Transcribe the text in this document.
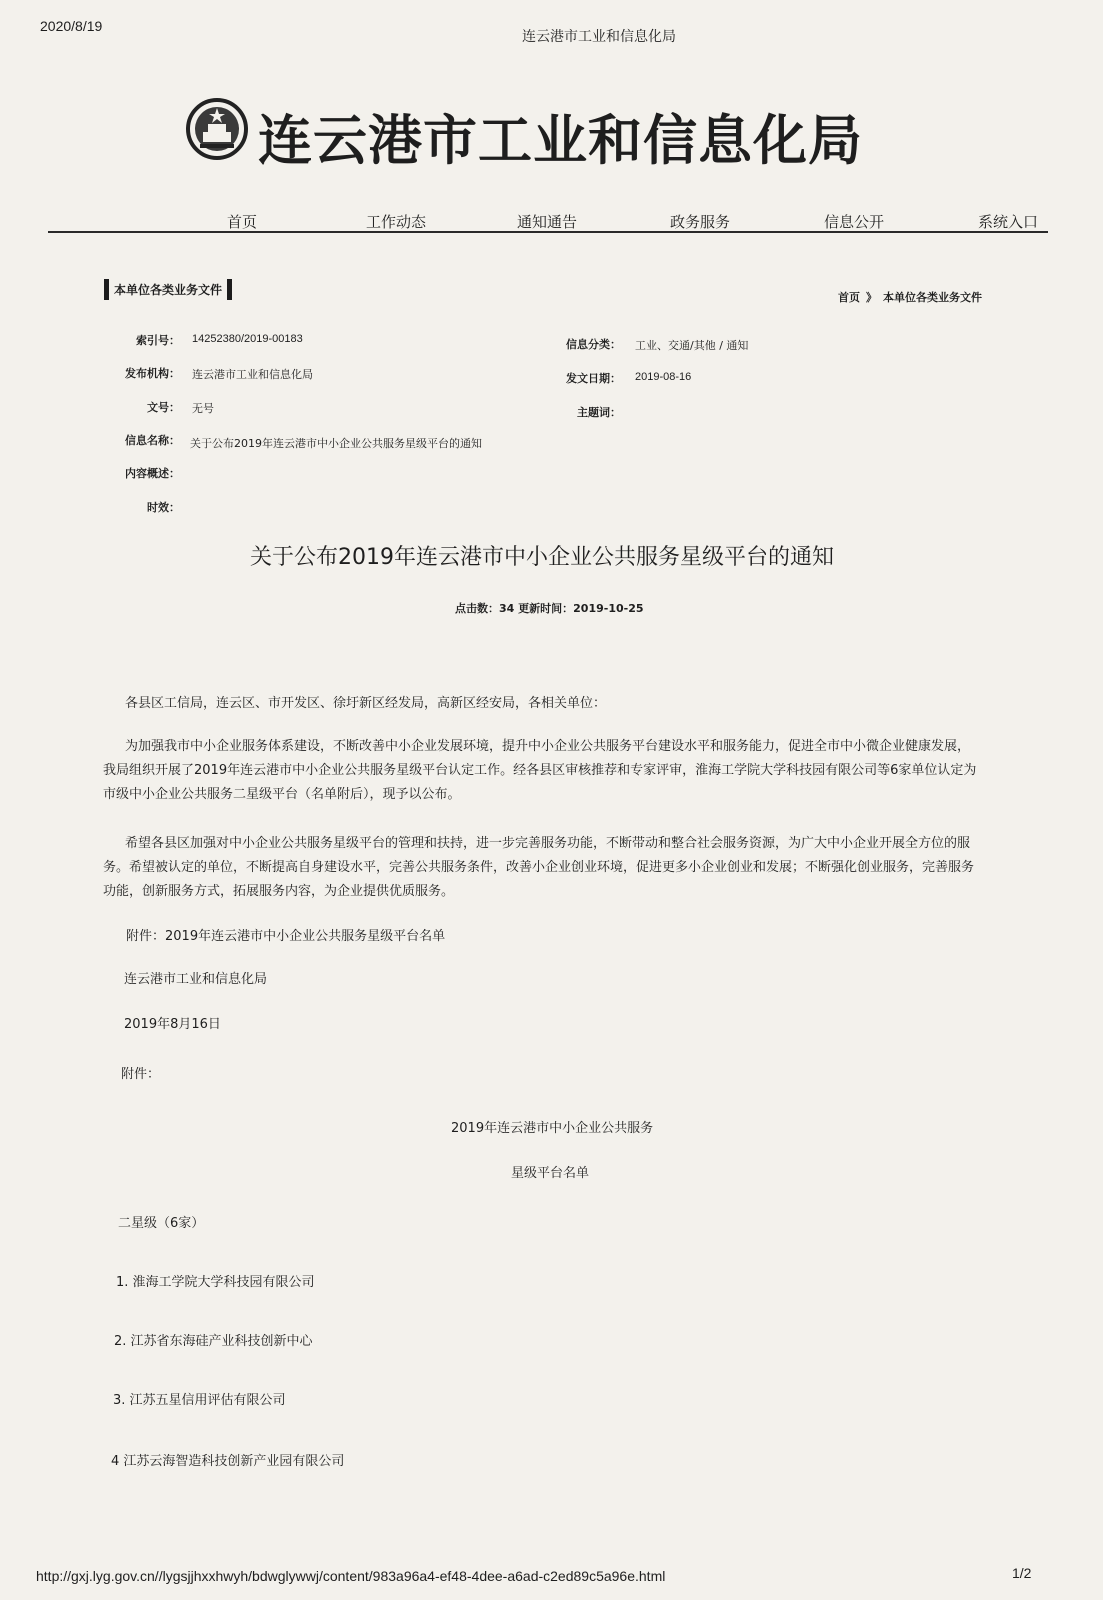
2020/8/19
连云港市工业和信息化局
连云港市工业和信息化局
首页	工作动态	通知通告	政务服务	信息公开	系统入口
本单位各类业务文件
首页 》 本单位各类业务文件
索引号： 14252380/2019-00183
发布机构： 连云港市工业和信息化局
文号： 无号
信息名称： 关于公布2019年连云港市中小企业公共服务星级平台的通知
内容概述：
时效：
信息分类： 工业、交通/其他 / 通知
发文日期： 2019-08-16
主题词：
关于公布2019年连云港市中小企业公共服务星级平台的通知
点击数：34 更新时间：2019-10-25
各县区工信局，连云区、市开发区、徐圩新区经发局，高新区经安局，各相关单位：
为加强我市中小企业服务体系建设，不断改善中小企业发展环境，提升中小企业公共服务平台建设水平和服务能力，促进全市中小微企业健康发展，我局组织开展了2019年连云港市中小企业公共服务星级平台认定工作。经各县区审核推荐和专家评审，淮海工学院大学科技园有限公司等6家单位认定为市级中小企业公共服务二星级平台（名单附后），现予以公布。
希望各县区加强对中小企业公共服务星级平台的管理和扶持，进一步完善服务功能，不断带动和整合社会服务资源，为广大中小企业开展全方位的服务。希望被认定的单位，不断提高自身建设水平，完善公共服务条件，改善小企业创业环境，促进更多小企业创业和发展；不断强化创业服务，完善服务功能，创新服务方式，拓展服务内容，为企业提供优质服务。
附件：2019年连云港市中小企业公共服务星级平台名单
连云港市工业和信息化局
2019年8月16日
附件：
2019年连云港市中小企业公共服务
星级平台名单
二星级（6家）
1. 淮海工学院大学科技园有限公司
2. 江苏省东海硅产业科技创新中心
3. 江苏五星信用评估有限公司
4 江苏云海智造科技创新产业园有限公司
http://gxj.lyg.gov.cn//lygsjjhxxhwyh/bdwglywwj/content/983a96a4-ef48-4dee-a6ad-c2ed89c5a96e.html	1/2
